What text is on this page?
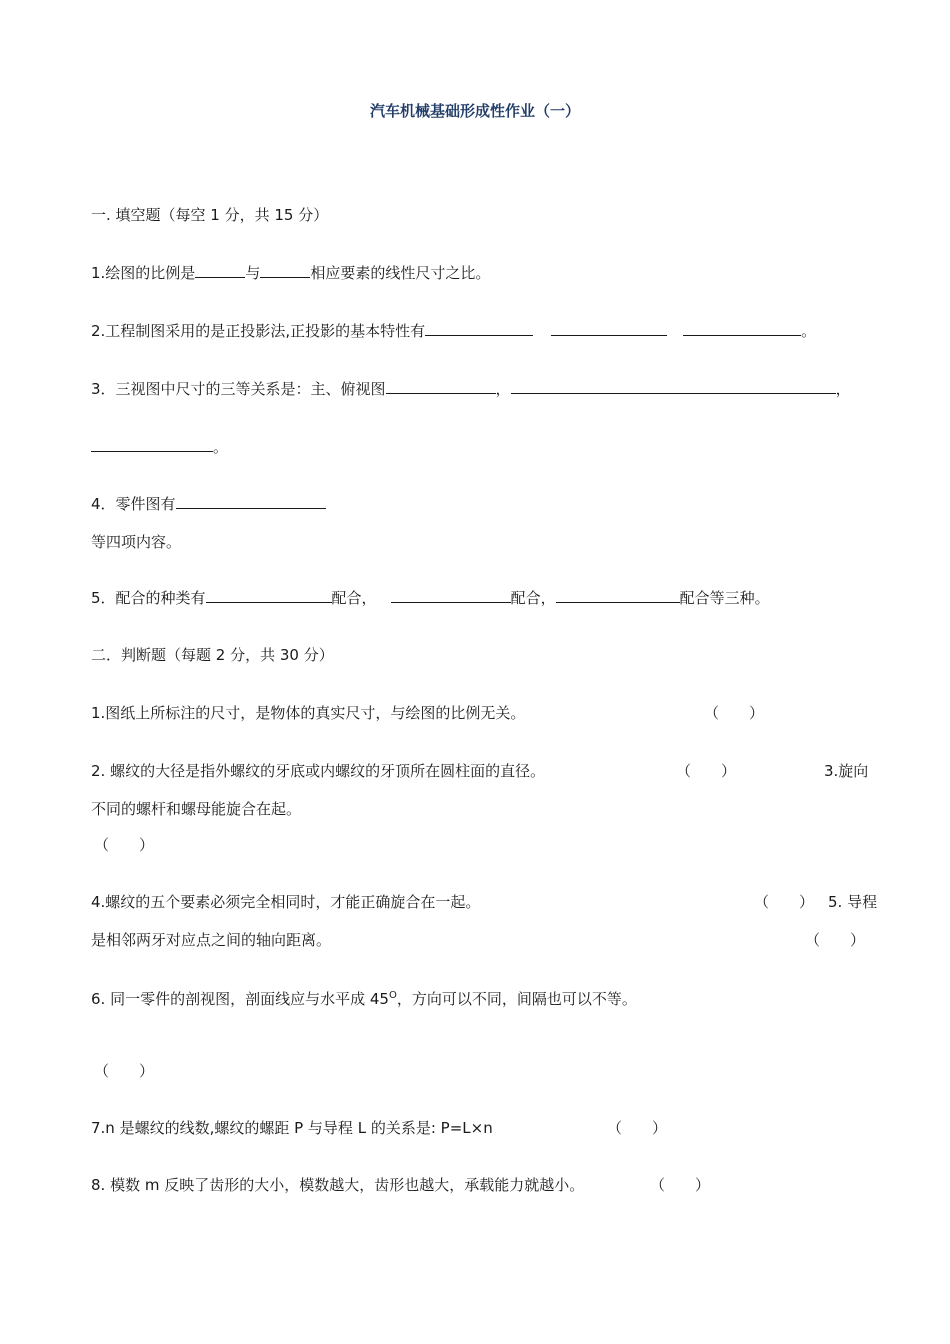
汽车机械基础形成性作业（一）
一. 填空题（每空 1 分，共 15 分）
1.绘图的比例是	与	相应要素的线性尺寸之比。
2.工程制图采用的是正投影法,正投影的基本特性有	。
3．三视图中尺寸的三等关系是：主、俯视图	，	，
。
4．零件图有
等四项内容。
5．配合的种类有	配合，	配合，	配合等三种。
二．判断题（每题 2 分，共 30 分）
1.图纸上所标注的尺寸，是物体的真实尺寸，与绘图的比例无关。	（　　）
2. 螺纹的大径是指外螺纹的牙底或内螺纹的牙顶所在圆柱面的直径。	（　　）	3.旋向
不同的螺杆和螺母能旋合在起。
（　　）
4.螺纹的五个要素必须完全相同时，才能正确旋合在一起。	（　　） 5. 导程
是相邻两牙对应点之间的轴向距离。	（　　）
6. 同一零件的剖视图，剖面线应与水平成 $45^O$，方向可以不同，间隔也可以不等。
（　　）
7.n 是螺纹的线数,螺纹的螺距 P 与导程 L 的关系是: P=L×n	（　　）
8. 模数 m 反映了齿形的大小，模数越大，齿形也越大，承载能力就越小。	（　　）
